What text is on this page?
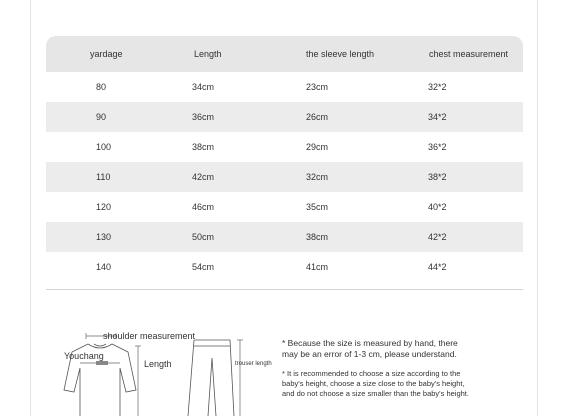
yardage	Length	the sleeve length	chest measurement
80	34cm	23cm	32*2
90	36cm	26cm	34*2
100	38cm	29cm	36*2
110	42cm	32cm	38*2
120	46cm	35cm	40*2
130	50cm	38cm	42*2
140	54cm	41cm	44*2
shoulder measurement
Youchang
Length	trouser length

* Because the size is measured by hand, there
may be an error of 1-3 cm, please understand.

* It is recommended to choose a size according to the
baby's height, choose a size close to the baby's height,
and do not choose a size smaller than the baby's height.
